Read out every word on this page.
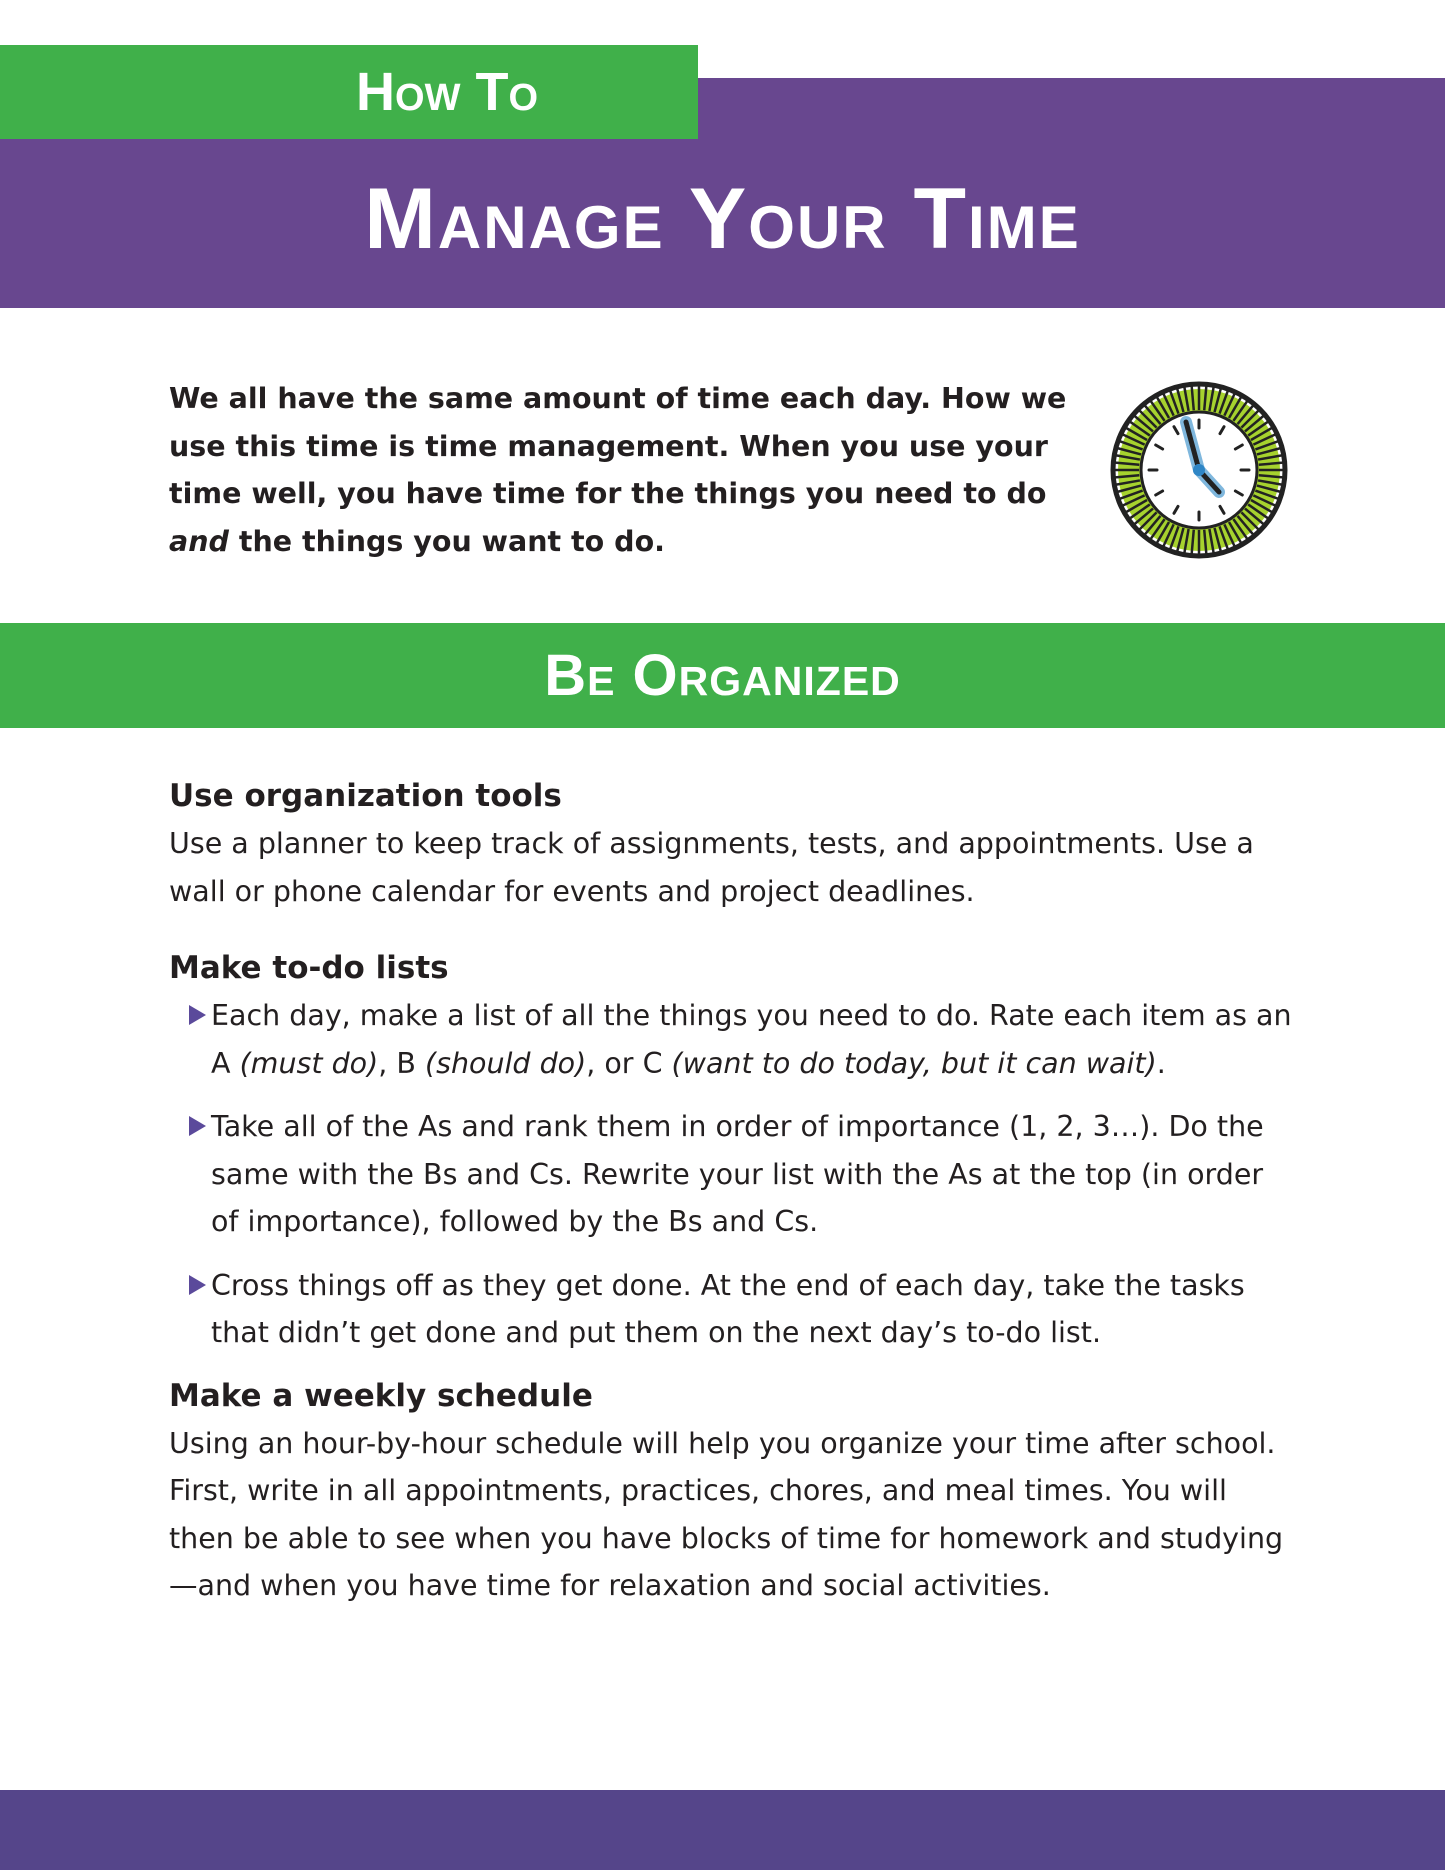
How To
Manage Your Time

We all have the same amount of time each day. How we use this time is time management. When you use your time well, you have time for the things you need to do and the things you want to do.

Be Organized
Use organization tools

Use a planner to keep track of assignments, tests, and appointments. Use a wall or phone calendar for events and project deadlines.

Make to-do lists
Each day, make a list of all the things you need to do. Rate each item as an A (must do), B (should do), or C (want to do today, but it can wait).
Take all of the As and rank them in order of importance (1, 2, 3…). Do the same with the Bs and Cs. Rewrite your list with the As at the top (in order of importance), followed by the Bs and Cs.
Cross things off as they get done. At the end of each day, take the tasks that didn’t get done and put them on the next day’s to-do list.
Make a weekly schedule

Using an hour-by-hour schedule will help you organize your time after school. First, write in all appointments, practices, chores, and meal times. You will then be able to see when you have blocks of time for homework and studying—and when you have time for relaxation and social activities.
